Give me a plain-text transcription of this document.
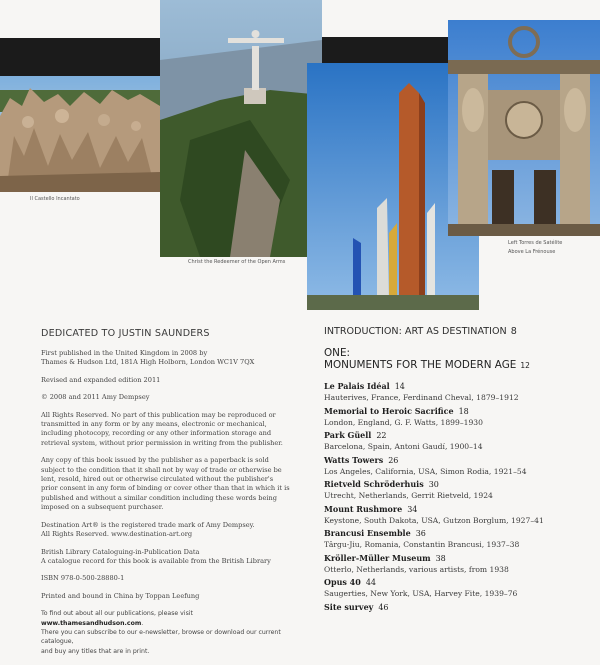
Il Castello Incantato
Christ the Redeemer of the Open Arms
Left Torres de Satélite
Above La Frénouse
DEDICATED TO JUSTIN SAUNDERS

First published in the United Kingdom in 2008 by
Thames & Hudson Ltd, 181A High Holborn, London WC1V 7QX

Revised and expanded edition 2011

© 2008 and 2011 Amy Dempsey

All Rights Reserved. No part of this publication may be reproduced or transmitted in any form or by any means, electronic or mechanical, including photocopy, recording or any other information storage and retrieval system, without prior permission in writing from the publisher.

Any copy of this book issued by the publisher as a paperback is sold subject to the condition that it shall not by way of trade or otherwise be lent, resold, hired out or otherwise circulated without the publisher's prior consent in any form of binding or cover other than that in which it is published and without a similar condition including these words being imposed on a subsequent purchaser.

Destination Art® is the registered trade mark of Amy Dempsey.
All Rights Reserved. www.destination-art.org

British Library Cataloguing-in-Publication Data
A catalogue record for this book is available from the British Library

ISBN 978-0-500-28880-1

Printed and bound in China by Toppan Leefung

To find out about all our publications, please visit www.thamesandhudson.com.
There you can subscribe to our e-newsletter, browse or download our current catalogue,
and buy any titles that are in print.
INTRODUCTION: ART AS DESTINATION 8
ONE:
MONUMENTS FOR THE MODERN AGE 12
Le Palais Idéal 14
Hauterives, France, Ferdinand Cheval, 1879–1912
Memorial to Heroic Sacrifice 18
London, England, G. F. Watts, 1899–1930
Park Güell 22
Barcelona, Spain, Antoni Gaudí, 1900–14
Watts Towers 26
Los Angeles, California, USA, Simon Rodia, 1921–54
Rietveld Schröderhuis 30
Utrecht, Netherlands, Gerrit Rietveld, 1924
Mount Rushmore 34
Keystone, South Dakota, USA, Gutzon Borglum, 1927–41
Brancusi Ensemble 36
Târgu-Jiu, Romania, Constantin Brancusi, 1937–38
Kröller-Müller Museum 38
Otterlo, Netherlands, various artists, from 1938
Opus 40 44
Saugerties, New York, USA, Harvey Fite, 1939–76
Site survey 46
